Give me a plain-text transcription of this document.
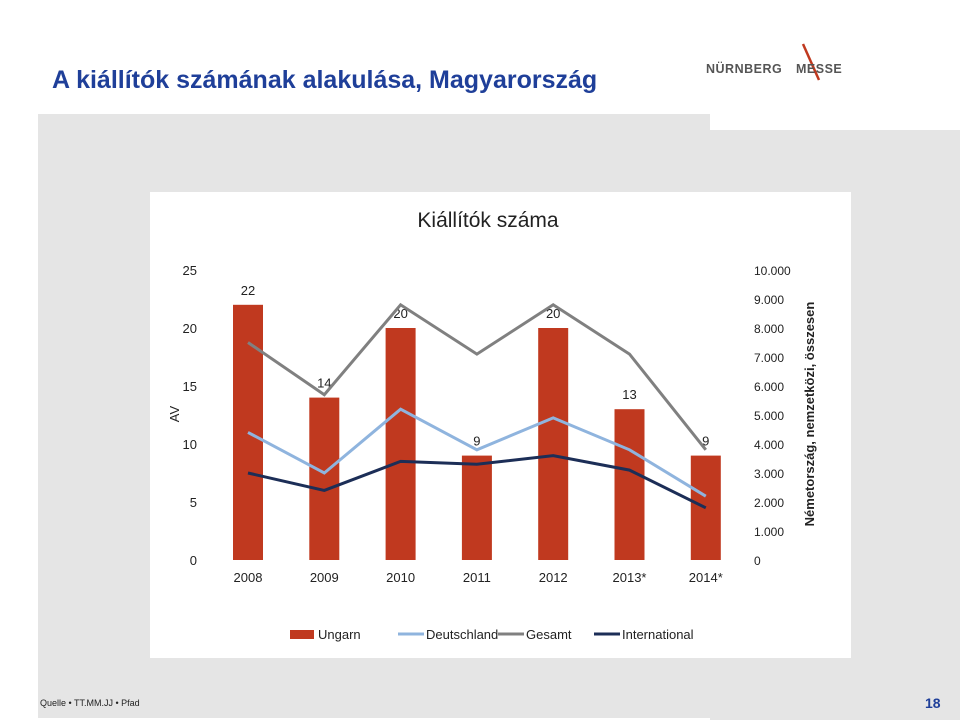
A kiállítók számának alakulása, Magyarország	NÜRNBERG MESSE
Kiállítók száma
AV	Németország, nemzetközi, összesen
0
5
10
15
20
25
0
1.000
2.000
3.000
4.000
5.000
6.000
7.000
8.000
9.000
10.000
22
14
20
9
20
13
9
2008	2009	2010	2011	2012	2013*	2014*
Ungarn	Deutschland Gesamt	International
Quelle • TT.MM.JJ • Pfad	18
